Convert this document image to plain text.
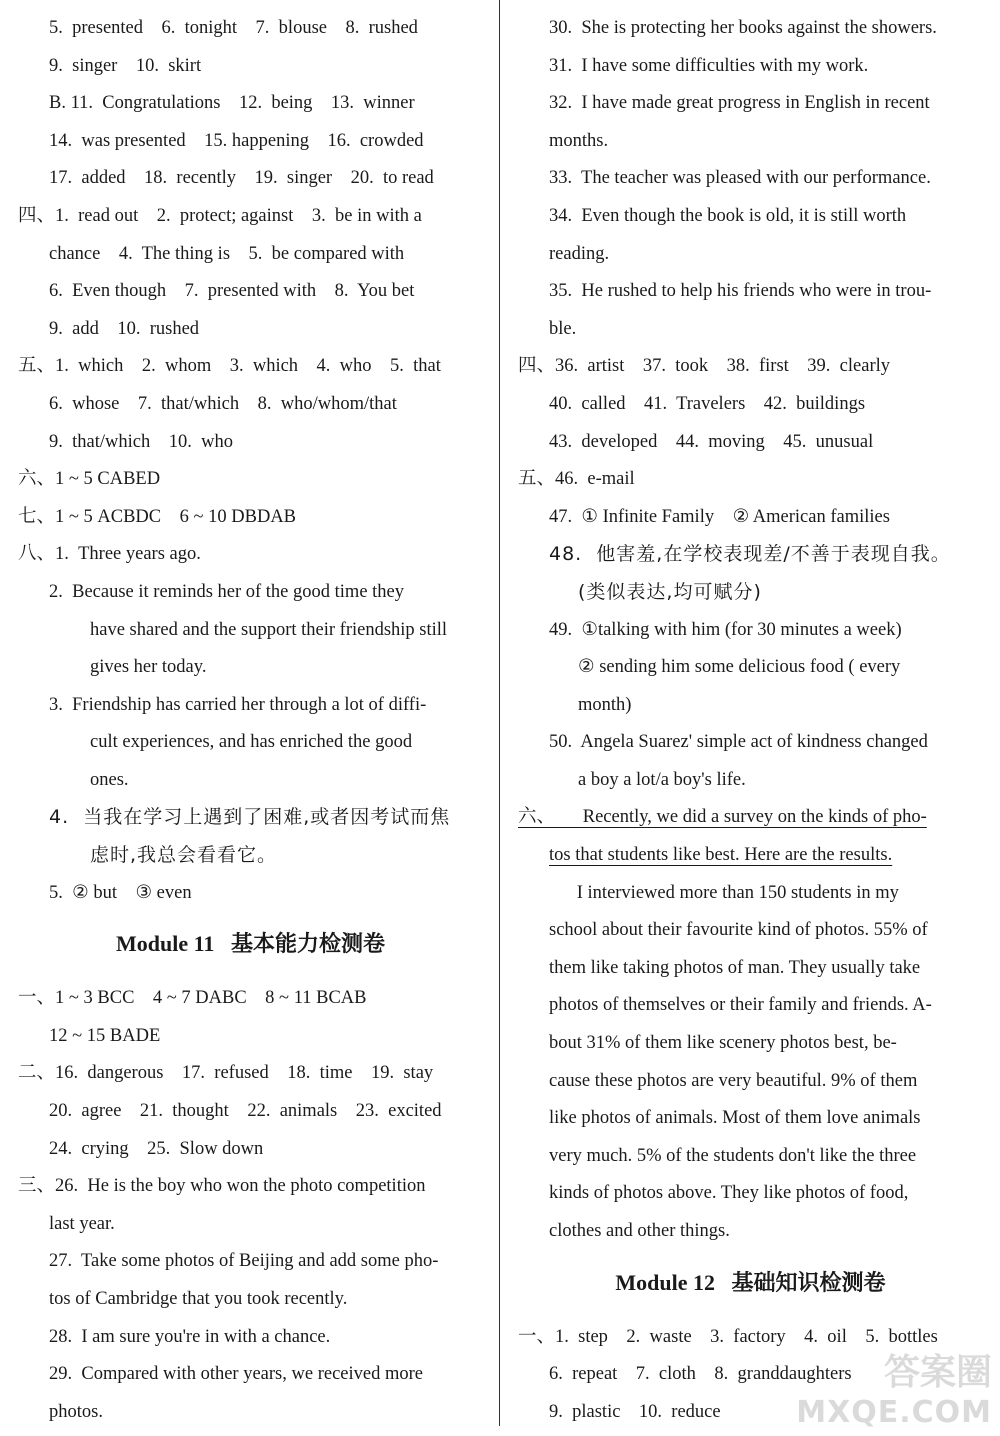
5.  presented    6.  tonight    7.  blouse    8.  rushed
9.  singer    10.  skirt
B. 11.  Congratulations    12.  being    13.  winner
14.  was presented    15. happening    16.  crowded
17.  added    18.  recently    19.  singer    20.  to read
四、1.  read out    2.  protect; against    3.  be in with a
chance    4.  The thing is    5.  be compared with
6.  Even though    7.  presented with    8.  You bet
9.  add    10.  rushed
五、1.  which    2.  whom    3.  which    4.  who    5.  that
6.  whose    7.  that/which    8.  who/whom/that
9.  that/which    10.  who
六、1 ~ 5 CABED
七、1 ~ 5 ACBDC    6 ~ 10 DBDAB
八、1.  Three years ago.
2.  Because it reminds her of the good time they
have shared and the support their friendship still
gives her today.
3.  Friendship has carried her through a lot of diffi-
cult experiences, and has enriched the good
ones.
4.  当我在学习上遇到了困难,或者因考试而焦
虑时,我总会看看它。
5.  ② but    ③ even
Module 11 基本能力检测卷
一、1 ~ 3 BCC    4 ~ 7 DABC    8 ~ 11 BCAB
12 ~ 15 BADE
二、16.  dangerous    17.  refused    18.  time    19.  stay
20.  agree    21.  thought    22.  animals    23.  excited
24.  crying    25.  Slow down
三、26.  He is the boy who won the photo competition
last year.
27.  Take some photos of Beijing and add some pho-
tos of Cambridge that you took recently.
28.  I am sure you're in with a chance.
29.  Compared with other years, we received more
photos.
30.  She is protecting her books against the showers.
31.  I have some difficulties with my work.
32.  I have made great progress in English in recent
months.
33.  The teacher was pleased with our performance.
34.  Even though the book is old, it is still worth
reading.
35.  He rushed to help his friends who were in trou-
ble.
四、36.  artist    37.  took    38.  first    39.  clearly
40.  called    41.  Travelers    42.  buildings
43.  developed    44.  moving    45.  unusual
五、46.  e-mail
47.  ① Infinite Family    ② American families
48.  他害羞,在学校表现差/不善于表现自我。
(类似表达,均可赋分)
49.  ①talking with him (for 30 minutes a week)
② sending him some delicious food ( every
month)
50.  Angela Suarez' simple act of kindness changed
a boy a lot/a boy's life.
六、      Recently, we did a survey on the kinds of pho-
tos that students like best. Here are the results.
I interviewed more than 150 students in my
school about their favourite kind of photos. 55% of
them like taking photos of man. They usually take
photos of themselves or their family and friends. A-
bout 31% of them like scenery photos best, be-
cause these photos are very beautiful. 9% of them
like photos of animals. Most of them love animals
very much. 5% of the students don't like the three
kinds of photos above. They like photos of food,
clothes and other things.
Module 12 基础知识检测卷
一、1.  step    2.  waste    3.  factory    4.  oil    5.  bottles
6.  repeat    7.  cloth    8.  granddaughters
9.  plastic    10.  reduce
答案圈
MXQE.COM
